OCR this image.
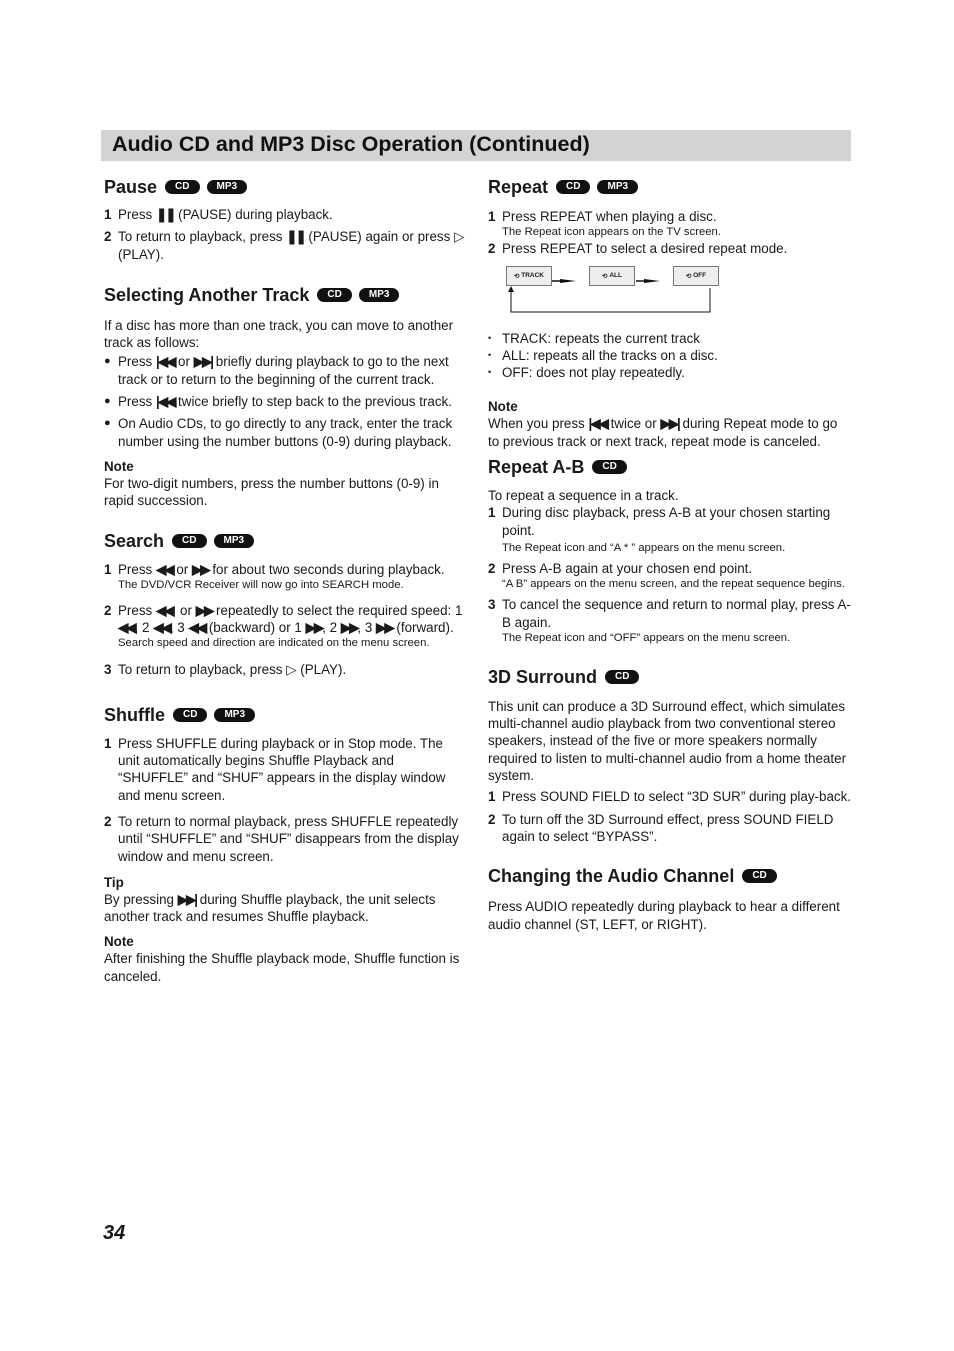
Audio CD and MP3 Disc Operation (Continued)
Pause	CD	MP3
1 Press ❚❚ (PAUSE) during playback.
2 To return to playback, press ❚❚ (PAUSE) again or press ▷ (PLAY).
Selecting Another Track	CD	MP3

If a disc has more than one track, you can move to another track as follows:

● Press |◀◀ or ▶▶| briefly during playback to go to the next track or to return to the beginning of the current track.
● Press |◀◀ twice briefly to step back to the previous track.
● On Audio CDs, to go directly to any track, enter the track number using the number buttons (0-9) during playback.
Note

For two-digit numbers, press the number buttons (0-9) in rapid succession.

Search	CD	MP3
1 Press ◀◀ or ▶▶ for about two seconds during playback.
The DVD/VCR Receiver will now go into SEARCH mode.
2 Press ◀◀ or ▶▶ repeatedly to select the required speed: 1 ◀◀, 2 ◀◀, 3 ◀◀ (backward) or 1 ▶▶, 2 ▶▶, 3 ▶▶ (forward).
Search speed and direction are indicated on the menu screen.
3 To return to playback, press ▷ (PLAY).
Shuffle	CD	MP3
1 Press SHUFFLE during playback or in Stop mode. The unit automatically begins Shuffle Playback and “SHUFFLE” and “SHUF” appears in the display window and menu screen.
2 To return to normal playback, press SHUFFLE repeatedly until “SHUFFLE” and “SHUF” disappears from the display window and menu screen.
Tip

By pressing ▶▶| during Shuffle playback, the unit selects another track and resumes Shuffle playback.

Note

After finishing the Shuffle playback mode, Shuffle function is canceled.

Repeat	CD	MP3
1 Press REPEAT when playing a disc.
The Repeat icon appears on the TV screen.
2 Press REPEAT to select a desired repeat mode.
⟲ TRACK	⟲ ALL	⟲ OFF
• TRACK: repeats the current track
• ALL: repeats all the tracks on a disc.
• OFF: does not play repeatedly.
Note

When you press |◀◀ twice or ▶▶| during Repeat mode to go to previous track or next track, repeat mode is canceled.

Repeat A-B	CD

To repeat a sequence in a track.

1 During disc playback, press A-B at your chosen starting point.
The Repeat icon and “A * ” appears on the menu screen.
2 Press A-B again at your chosen end point.
“A B” appears on the menu screen, and the repeat sequence begins.
3 To cancel the sequence and return to normal play, press A-B again.
The Repeat icon and “OFF” appears on the menu screen.
3D Surround	CD

This unit can produce a 3D Surround effect, which simulates multi-channel audio playback from two conventional stereo speakers, instead of the five or more speakers normally required to listen to multi-channel audio from a home theater system.

1 Press SOUND FIELD to select “3D SUR” during play-back.
2 To turn off the 3D Surround effect, press SOUND FIELD again to select “BYPASS”.
Changing the Audio Channel	CD

Press AUDIO repeatedly during playback to hear a different audio channel (ST, LEFT, or RIGHT).

34
